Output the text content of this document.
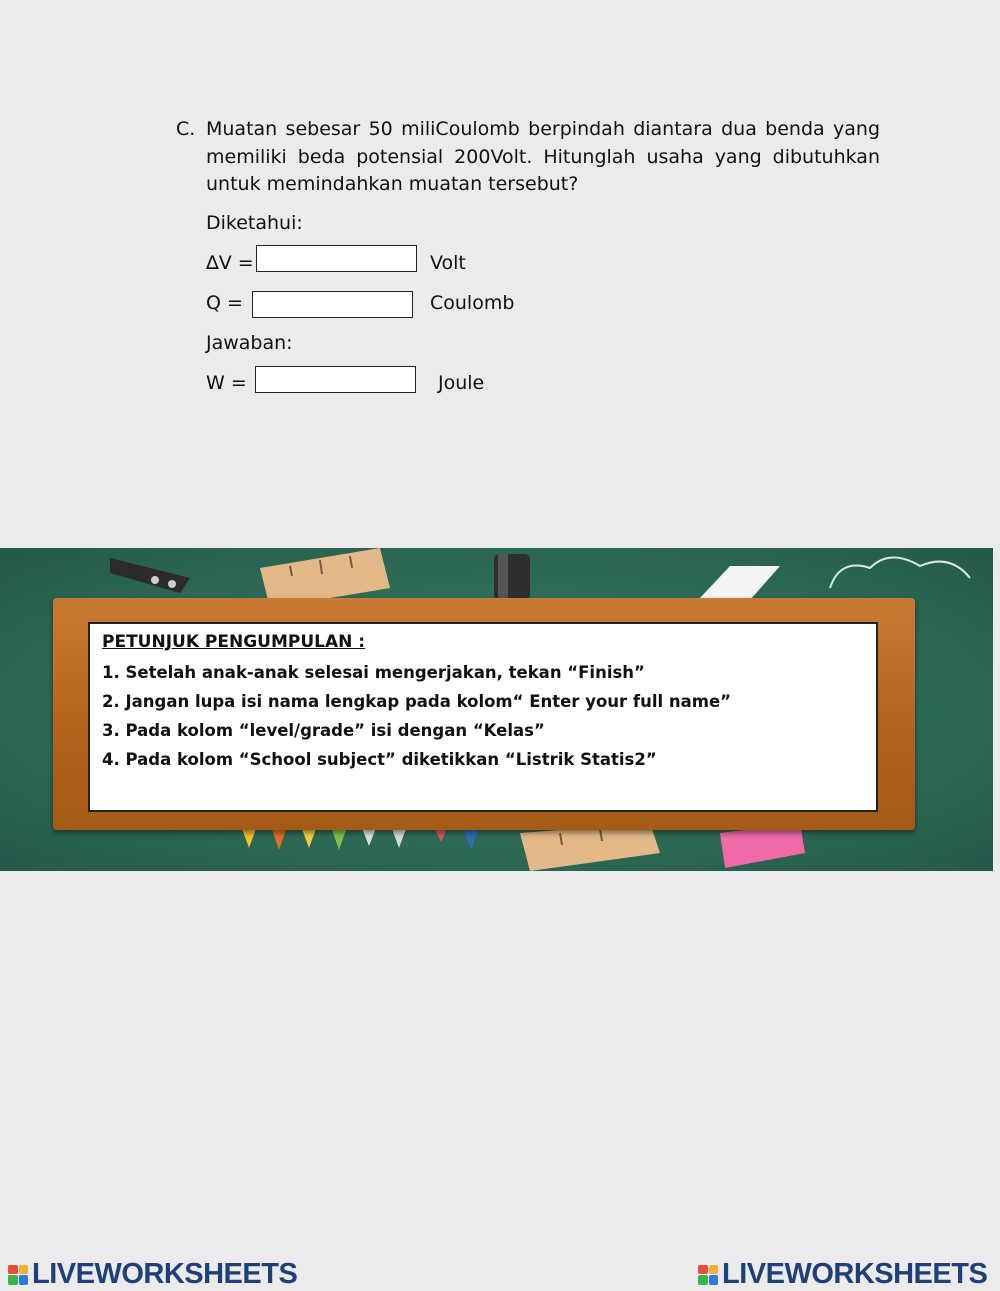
C. Muatan sebesar 50 miliCoulomb berpindah diantara dua benda yang memiliki beda potensial 200Volt. Hitunglah usaha yang dibutuhkan untuk memindahkan muatan tersebut?
Diketahui:
∆V =	Volt
Q =	Coulomb
Jawaban:
W =	Joule
PETUNJUK PENGUMPULAN :
1. Setelah anak-anak selesai mengerjakan, tekan “Finish”
2. Jangan lupa isi nama lengkap pada kolom“ Enter your full name”
3. Pada kolom “level/grade” isi dengan “Kelas”
4. Pada kolom “School subject” diketikkan “Listrik Statis2”
LIVEWORKSHEETS	LIVEWORKSHEETS
